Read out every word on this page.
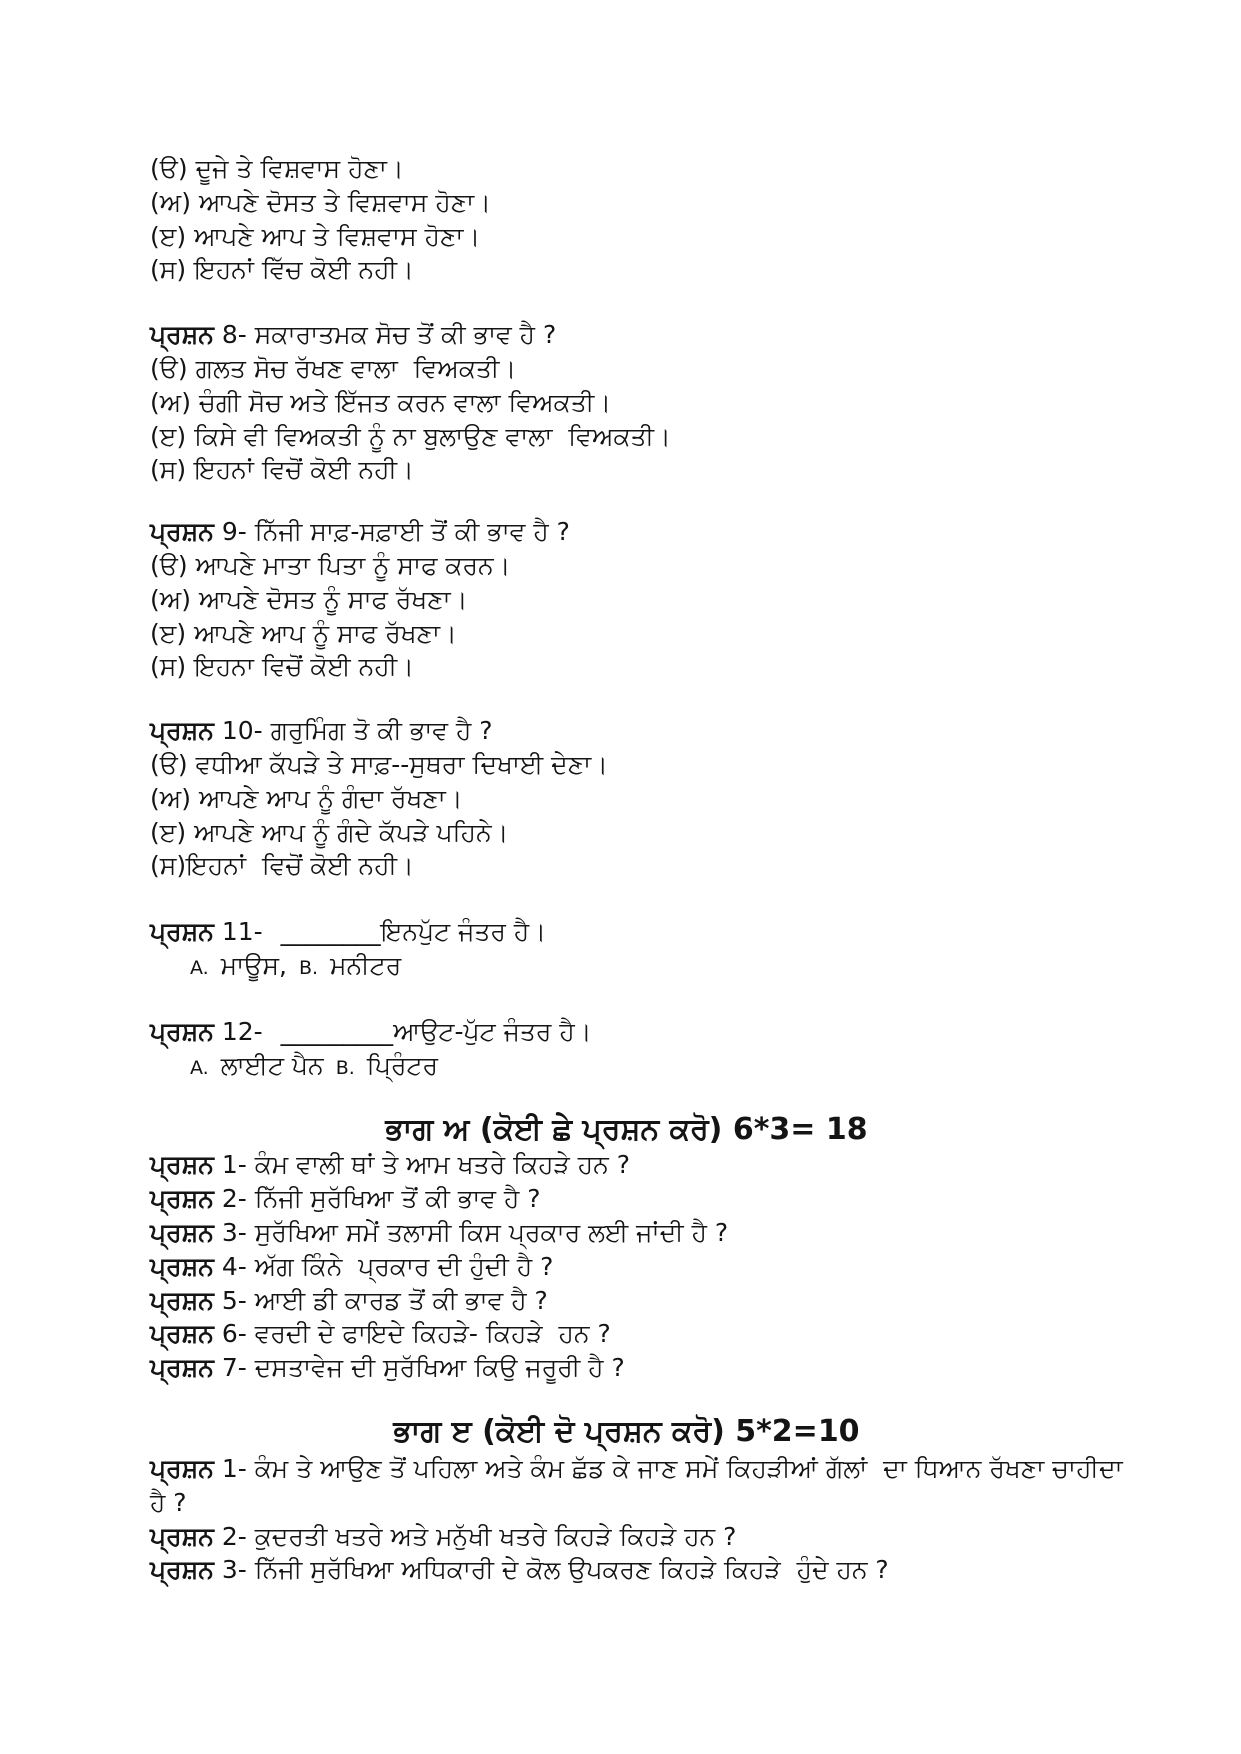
(ੳ) ਦੂਜੇ ਤੇ ਵਿਸ਼ਵਾਸ ਹੋਣਾ।
(ਅ) ਆਪਣੇ ਦੋਸਤ ਤੇ ਵਿਸ਼ਵਾਸ ਹੋਣਾ।
(ੲ) ਆਪਣੇ ਆਪ ਤੇ ਵਿਸ਼ਵਾਸ ਹੋਣਾ।
(ਸ) ਇਹਨਾਂ ਵਿੱਚ ਕੋਈ ਨਹੀ।
ਪ੍ਰਸ਼ਨ 8- ਸਕਾਰਾਤਮਕ ਸੋਚ ਤੋਂ ਕੀ ਭਾਵ ਹੈ ?
(ੳ) ਗਲਤ ਸੋਚ ਰੱਖਣ ਵਾਲਾ  ਵਿਅਕਤੀ।
(ਅ) ਚੰਗੀ ਸੋਚ ਅਤੇ ਇੱਜਤ ਕਰਨ ਵਾਲਾ ਵਿਅਕਤੀ।
(ੲ) ਕਿਸੇ ਵੀ ਵਿਅਕਤੀ ਨੂੰ ਨਾ ਬੁਲਾਉਣ ਵਾਲਾ  ਵਿਅਕਤੀ।
(ਸ) ਇਹਨਾਂ ਵਿਚੋਂ ਕੋਈ ਨਹੀ।
ਪ੍ਰਸ਼ਨ 9- ਨਿੱਜੀ ਸਾਫ਼-ਸਫ਼ਾਈ ਤੋਂ ਕੀ ਭਾਵ ਹੈ ?
(ੳ) ਆਪਣੇ ਮਾਤਾ ਪਿਤਾ ਨੂੰ ਸਾਫ ਕਰਨ।
(ਅ) ਆਪਣੇ ਦੋਸਤ ਨੂੰ ਸਾਫ ਰੱਖਣਾ।
(ੲ) ਆਪਣੇ ਆਪ ਨੂੰ ਸਾਫ ਰੱਖਣਾ।
(ਸ) ਇਹਨਾ ਵਿਚੋਂ ਕੋਈ ਨਹੀ।
ਪ੍ਰਸ਼ਨ 10- ਗਰੁਮਿੰਗ ਤੋ ਕੀ ਭਾਵ ਹੈ ?
(ੳ) ਵਧੀਆ ਕੱਪੜੇ ਤੇ ਸਾਫ਼--ਸੁਥਰਾ ਦਿਖਾਈ ਦੇਣਾ।
(ਅ) ਆਪਣੇ ਆਪ ਨੂੰ ਗੰਦਾ ਰੱਖਣਾ।
(ੲ) ਆਪਣੇ ਆਪ ਨੂੰ ਗੰਦੇ ਕੱਪੜੇ ਪਹਿਨੇ।
(ਸ)ਇਹਨਾਂ  ਵਿਚੋਂ ਕੋਈ ਨਹੀ।
ਪ੍ਰਸ਼ਨ 11- ________ਇਨਪੁੱਟ ਜੰਤਰ ਹੈ।
A. ਮਾਊਸ, B. ਮਨੀਟਰ
ਪ੍ਰਸ਼ਨ 12- _________ਆਉਟ-ਪੁੱਟ ਜੰਤਰ ਹੈ।
A. ਲਾਈਟ ਪੈਨ B. ਪ੍ਰਿੰਟਰ
ਭਾਗ ਅ (ਕੋਈ ਛੇ ਪ੍ਰਸ਼ਨ ਕਰੋ) 6*3= 18
ਪ੍ਰਸ਼ਨ 1- ਕੰਮ ਵਾਲੀ ਥਾਂ ਤੇ ਆਮ ਖਤਰੇ ਕਿਹੜੇ ਹਨ ?
ਪ੍ਰਸ਼ਨ 2- ਨਿੱਜੀ ਸੁਰੱਖਿਆ ਤੋਂ ਕੀ ਭਾਵ ਹੈ ?
ਪ੍ਰਸ਼ਨ 3- ਸੁਰੱਖਿਆ ਸਮੇਂ ਤਲਾਸੀ ਕਿਸ ਪ੍ਰਕਾਰ ਲਈ ਜਾਂਦੀ ਹੈ ?
ਪ੍ਰਸ਼ਨ 4- ਅੱਗ ਕਿੰਨੇ  ਪ੍ਰਕਾਰ ਦੀ ਹੁੰਦੀ ਹੈ ?
ਪ੍ਰਸ਼ਨ 5- ਆਈ ਡੀ ਕਾਰਡ ਤੋਂ ਕੀ ਭਾਵ ਹੈ ?
ਪ੍ਰਸ਼ਨ 6- ਵਰਦੀ ਦੇ ਫਾਇਦੇ ਕਿਹੜੇ- ਕਿਹੜੇ  ਹਨ ?
ਪ੍ਰਸ਼ਨ 7- ਦਸਤਾਵੇਜ ਦੀ ਸੁਰੱਖਿਆ ਕਿਉ ਜਰੂਰੀ ਹੈ ?
ਭਾਗ ੲ (ਕੋਈ ਦੋ ਪ੍ਰਸ਼ਨ ਕਰੋ) 5*2=10
ਪ੍ਰਸ਼ਨ 1- ਕੰਮ ਤੇ ਆਉਣ ਤੋਂ ਪਹਿਲਾ ਅਤੇ ਕੰਮ ਛੱਡ ਕੇ ਜਾਣ ਸਮੇਂ ਕਿਹੜੀਆਂ ਗੱਲਾਂ  ਦਾ ਧਿਆਨ ਰੱਖਣਾ ਚਾਹੀਦਾ
ਹੈ ?
ਪ੍ਰਸ਼ਨ 2- ਕੁਦਰਤੀ ਖਤਰੇ ਅਤੇ ਮਨੁੱਖੀ ਖਤਰੇ ਕਿਹੜੇ ਕਿਹੜੇ ਹਨ ?
ਪ੍ਰਸ਼ਨ 3- ਨਿੱਜੀ ਸੁਰੱਖਿਆ ਅਧਿਕਾਰੀ ਦੇ ਕੋਲ ਉਪਕਰਣ ਕਿਹੜੇ ਕਿਹੜੇ  ਹੁੰਦੇ ਹਨ ?
